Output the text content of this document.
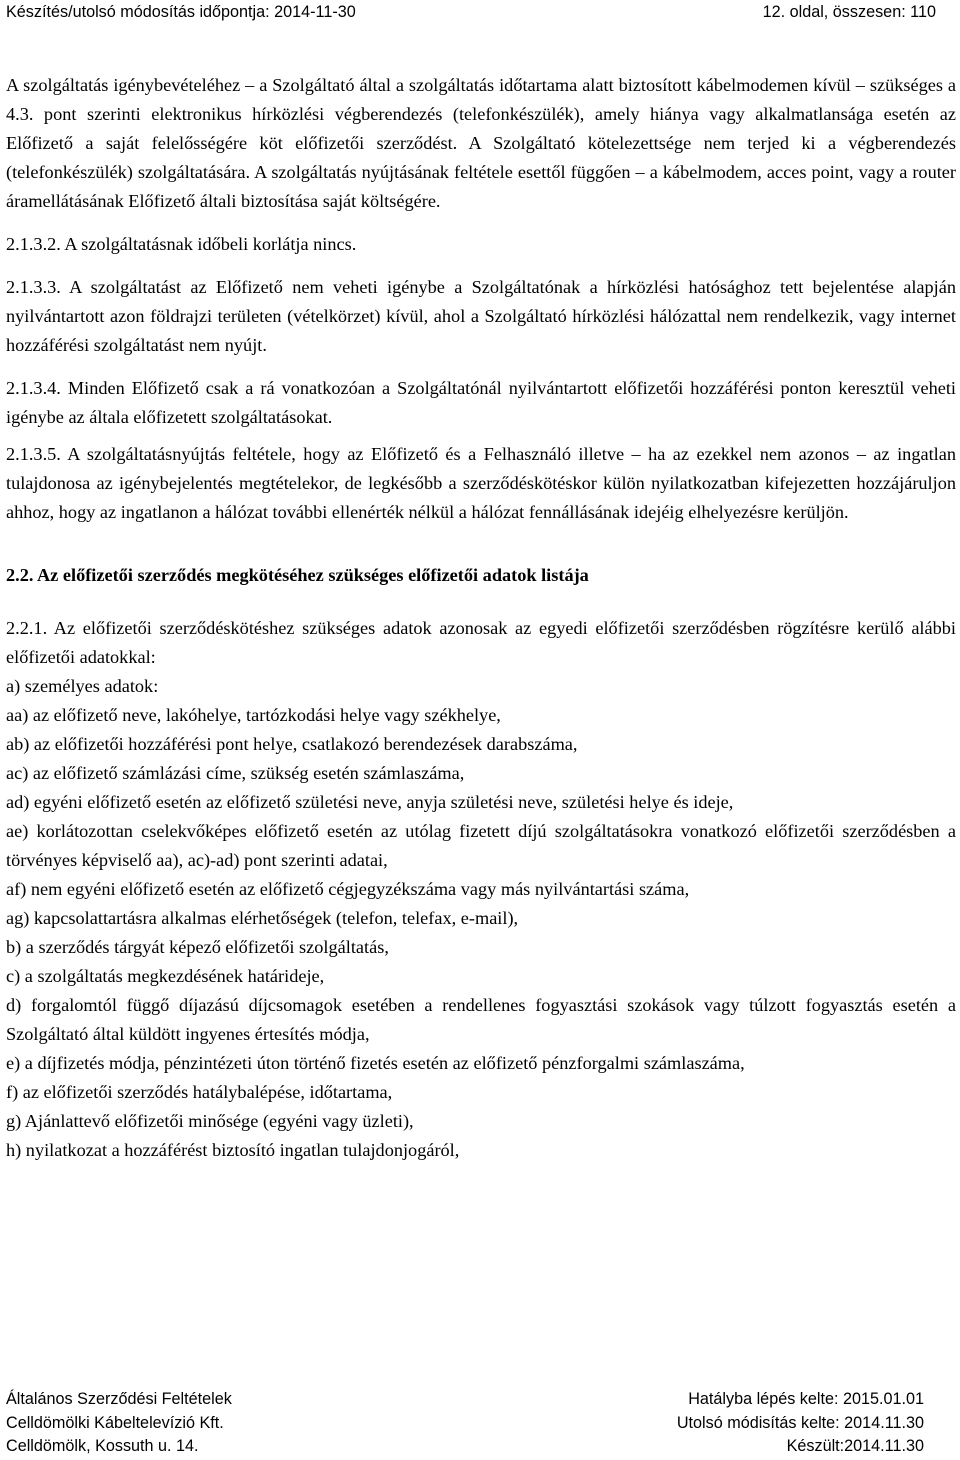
Készítés/utolsó módosítás időpontja: 2014-11-30	12. oldal, összesen: 110

A szolgáltatás igénybevételéhez – a Szolgáltató által a szolgáltatás időtartama alatt biztosított kábelmodemen kívül – szükséges a 4.3. pont szerinti elektronikus hírközlési végberendezés (telefonkészülék), amely hiánya vagy alkalmatlansága esetén az Előfizető a saját felelősségére köt előfizetői szerződést. A Szolgáltató kötelezettsége nem terjed ki a végberendezés (telefonkészülék) szolgáltatására. A szolgáltatás nyújtásának feltétele esettől függően – a kábelmodem, acces point, vagy a router áramellátásának Előfizető általi biztosítása saját költségére.

2.1.3.2. A szolgáltatásnak időbeli korlátja nincs.

2.1.3.3. A szolgáltatást az Előfizető nem veheti igénybe a Szolgáltatónak a hírközlési hatósághoz tett bejelentése alapján nyilvántartott azon földrajzi területen (vételkörzet) kívül, ahol a Szolgáltató hírközlési hálózattal nem rendelkezik, vagy internet hozzáférési szolgáltatást nem nyújt.

2.1.3.4. Minden Előfizető csak a rá vonatkozóan a Szolgáltatónál nyilvántartott előfizetői hozzáférési ponton keresztül veheti igénybe az általa előfizetett szolgáltatásokat.

2.1.3.5. A szolgáltatásnyújtás feltétele, hogy az Előfizető és a Felhasználó illetve – ha az ezekkel nem azonos – az ingatlan tulajdonosa az igénybejelentés megtételekor, de legkésőbb a szerződéskötéskor külön nyilatkozatban kifejezetten hozzájáruljon ahhoz, hogy az ingatlanon a hálózat további ellenérték nélkül a hálózat fennállásának idejéig elhelyezésre kerüljön.

2.2. Az előfizetői szerződés megkötéséhez szükséges előfizetői adatok listája

2.2.1. Az előfizetői szerződéskötéshez szükséges adatok azonosak az egyedi előfizetői szerződésben rögzítésre kerülő alábbi előfizetői adatokkal:

a) személyes adatok:

aa) az előfizető neve, lakóhelye, tartózkodási helye vagy székhelye,

ab) az előfizetői hozzáférési pont helye, csatlakozó berendezések darabszáma,

ac) az előfizető számlázási címe, szükség esetén számlaszáma,

ad) egyéni előfizető esetén az előfizető születési neve, anyja születési neve, születési helye és ideje,

ae) korlátozottan cselekvőképes előfizető esetén az utólag fizetett díjú szolgáltatásokra vonatkozó előfizetői szerződésben a törvényes képviselő aa), ac)-ad) pont szerinti adatai,

af) nem egyéni előfizető esetén az előfizető cégjegyzékszáma vagy más nyilvántartási száma,

ag) kapcsolattartásra alkalmas elérhetőségek (telefon, telefax, e-mail),

b) a szerződés tárgyát képező előfizetői szolgáltatás,

c) a szolgáltatás megkezdésének határideje,

d) forgalomtól függő díjazású díjcsomagok esetében a rendellenes fogyasztási szokások vagy túlzott fogyasztás esetén a Szolgáltató által küldött ingyenes értesítés módja,

e) a díjfizetés módja, pénzintézeti úton történő fizetés esetén az előfizető pénzforgalmi számlaszáma,

f) az előfizetői szerződés hatálybalépése, időtartama,

g) Ajánlattevő előfizetői minősége (egyéni vagy üzleti),

h) nyilatkozat a hozzáférést biztosító ingatlan tulajdonjogáról,

Általános Szerződési Feltételek	Hatályba lépés kelte: 2015.01.01
Celldömölki Kábeltelevízió Kft.	Utolsó módisítás kelte: 2014.11.30
Celldömölk, Kossuth u. 14.	Készült:2014.11.30
